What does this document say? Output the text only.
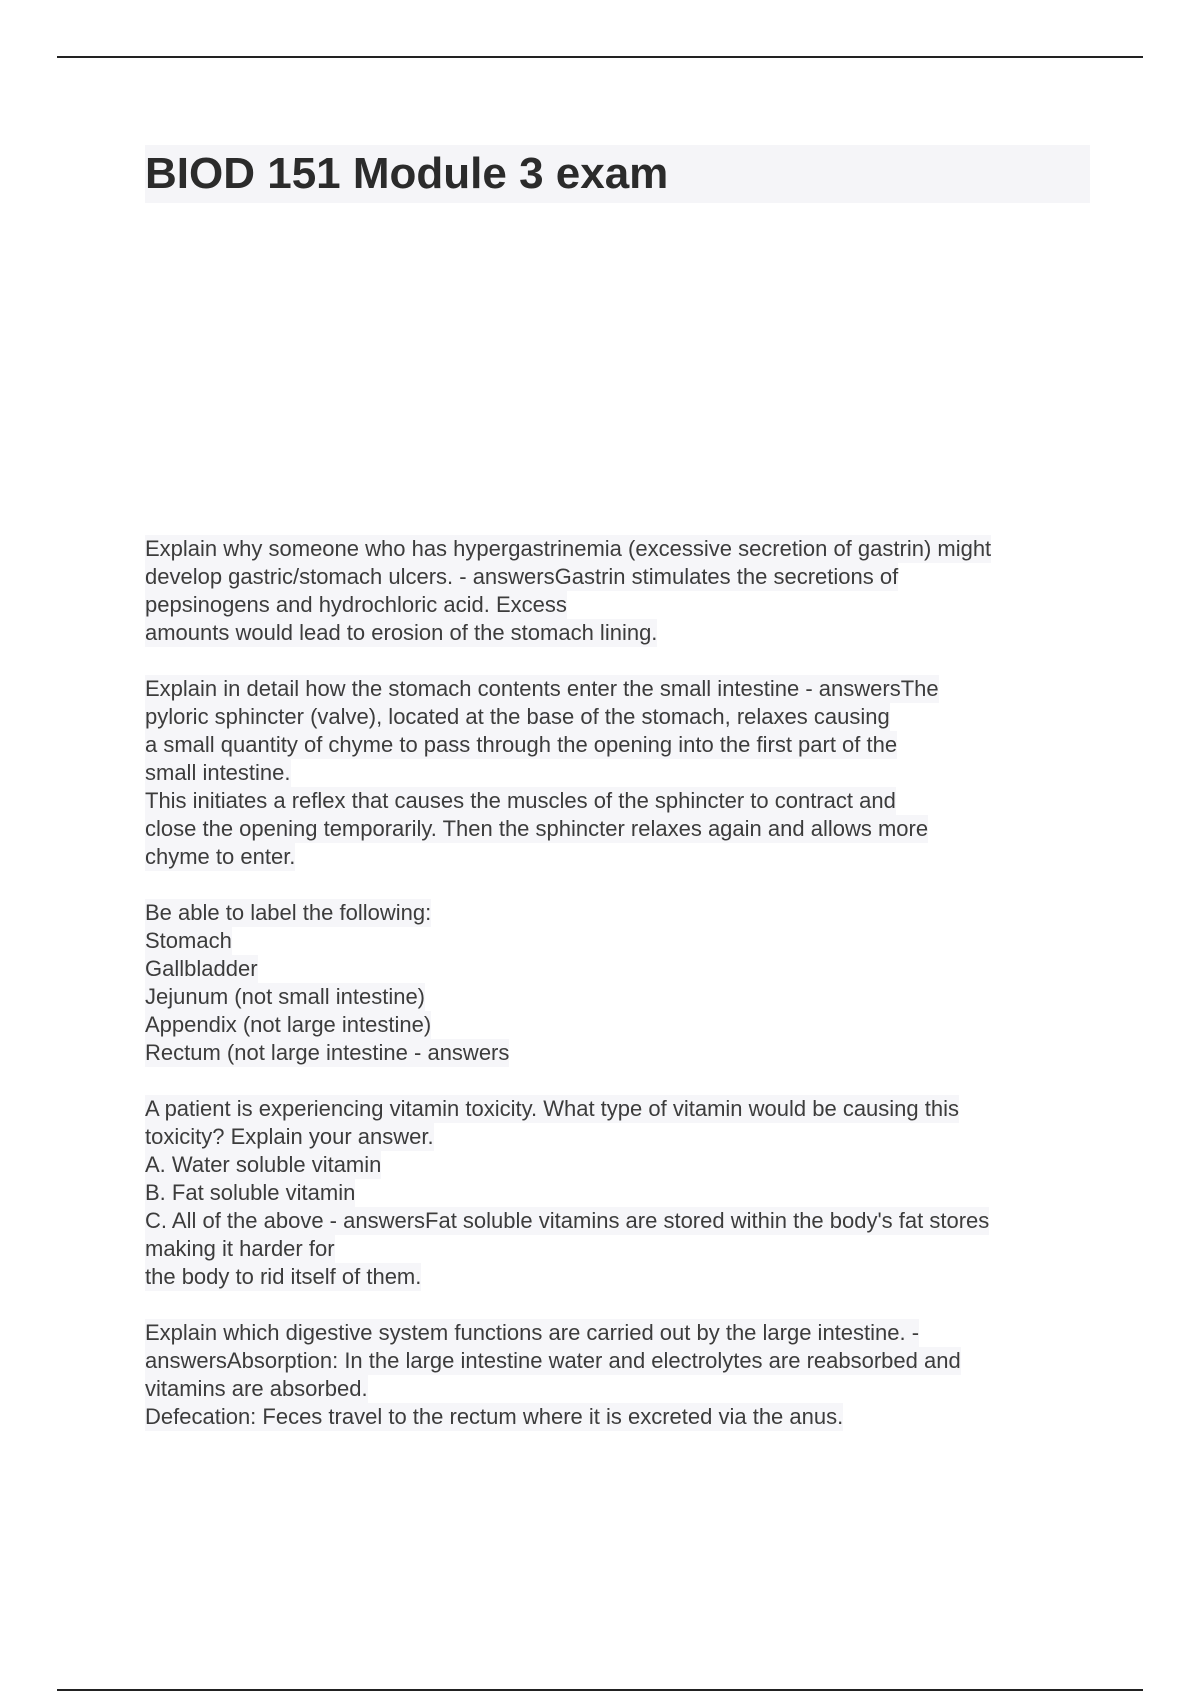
BIOD 151 Module 3 exam
Explain why someone who has hypergastrinemia (excessive secretion of gastrin) might
develop gastric/stomach ulcers. - answersGastrin stimulates the secretions of
pepsinogens and hydrochloric acid. Excess
amounts would lead to erosion of the stomach lining.
Explain in detail how the stomach contents enter the small intestine - answersThe
pyloric sphincter (valve), located at the base of the stomach, relaxes causing
a small quantity of chyme to pass through the opening into the first part of the
small intestine.
This initiates a reflex that causes the muscles of the sphincter to contract and
close the opening temporarily. Then the sphincter relaxes again and allows more
chyme to enter.
Be able to label the following:
Stomach
Gallbladder
Jejunum (not small intestine)
Appendix (not large intestine)
Rectum (not large intestine - answers
A patient is experiencing vitamin toxicity. What type of vitamin would be causing this
toxicity? Explain your answer.
A. Water soluble vitamin
B. Fat soluble vitamin
C. All of the above - answersFat soluble vitamins are stored within the body's fat stores
making it harder for
the body to rid itself of them.
Explain which digestive system functions are carried out by the large intestine. -
answersAbsorption: In the large intestine water and electrolytes are reabsorbed and
vitamins are absorbed.
Defecation: Feces travel to the rectum where it is excreted via the anus.
